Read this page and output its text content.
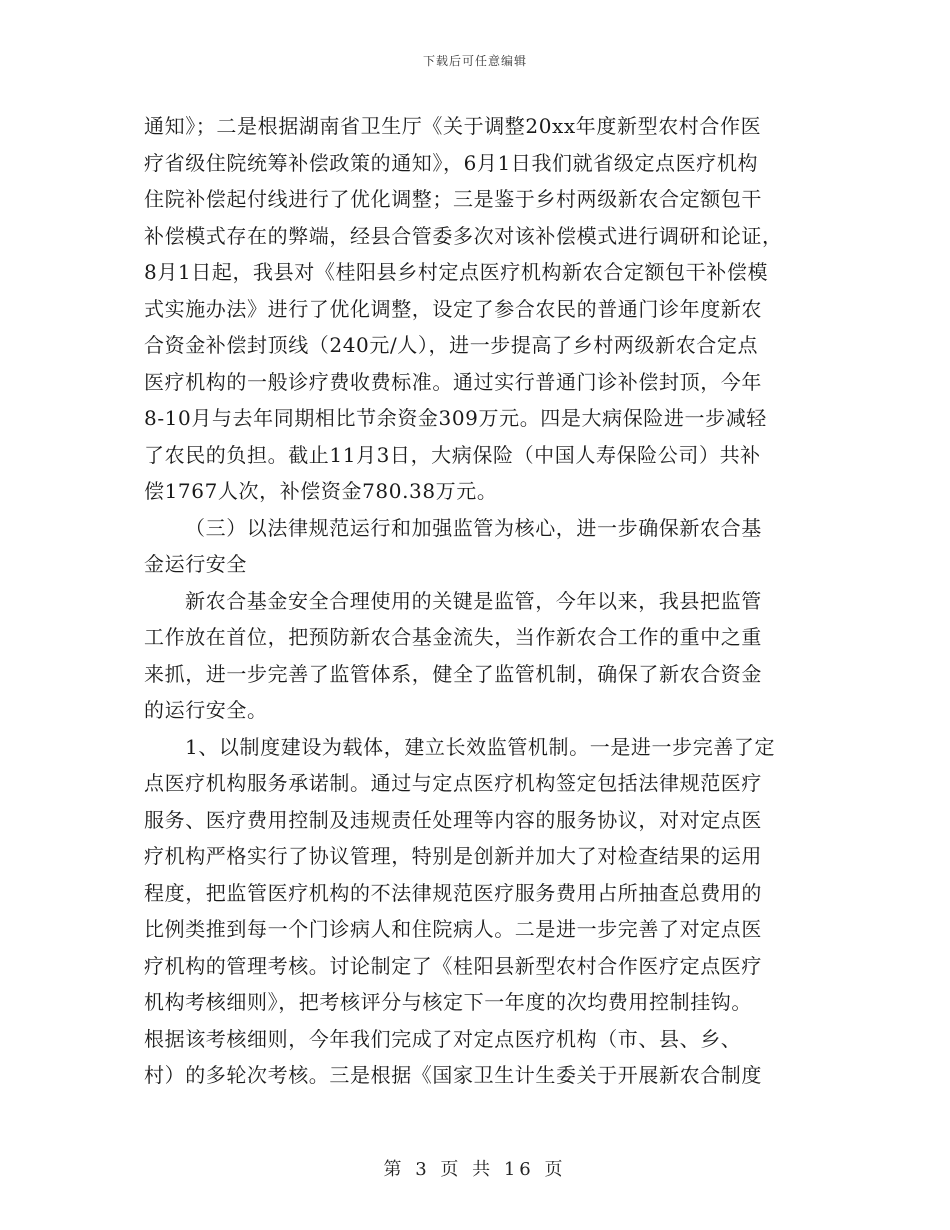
下载后可任意编辑
通知》；二是根据湖南省卫生厅《关于调整20xx年度新型农村合作医
疗省级住院统筹补偿政策的通知》，6月1日我们就省级定点医疗机构
住院补偿起付线进行了优化调整；三是鉴于乡村两级新农合定额包干
补偿模式存在的弊端，经县合管委多次对该补偿模式进行调研和论证，
8月1日起，我县对《桂阳县乡村定点医疗机构新农合定额包干补偿模
式实施办法》进行了优化调整，设定了参合农民的普通门诊年度新农
合资金补偿封顶线（240元/人），进一步提高了乡村两级新农合定点
医疗机构的一般诊疗费收费标准。通过实行普通门诊补偿封顶，今年
8-10月与去年同期相比节余资金309万元。四是大病保险进一步减轻
了农民的负担。截止11月3日，大病保险（中国人寿保险公司）共补
偿1767人次，补偿资金780.38万元。
（三）以法律规范运行和加强监管为核心，进一步确保新农合基
金运行安全
新农合基金安全合理使用的关键是监管，今年以来，我县把监管
工作放在首位，把预防新农合基金流失，当作新农合工作的重中之重
来抓，进一步完善了监管体系，健全了监管机制，确保了新农合资金
的运行安全。
1、以制度建设为载体，建立长效监管机制。一是进一步完善了定
点医疗机构服务承诺制。通过与定点医疗机构签定包括法律规范医疗
服务、医疗费用控制及违规责任处理等内容的服务协议，对对定点医
疗机构严格实行了协议管理，特别是创新并加大了对检查结果的运用
程度，把监管医疗机构的不法律规范医疗服务费用占所抽查总费用的
比例类推到每一个门诊病人和住院病人。二是进一步完善了对定点医
疗机构的管理考核。讨论制定了《桂阳县新型农村合作医疗定点医疗
机构考核细则》，把考核评分与核定下一年度的次均费用控制挂钩。
根据该考核细则，今年我们完成了对定点医疗机构（市、县、乡、
村）的多轮次考核。三是根据《国家卫生计生委关于开展新农合制度
第 3 页 共 16 页
